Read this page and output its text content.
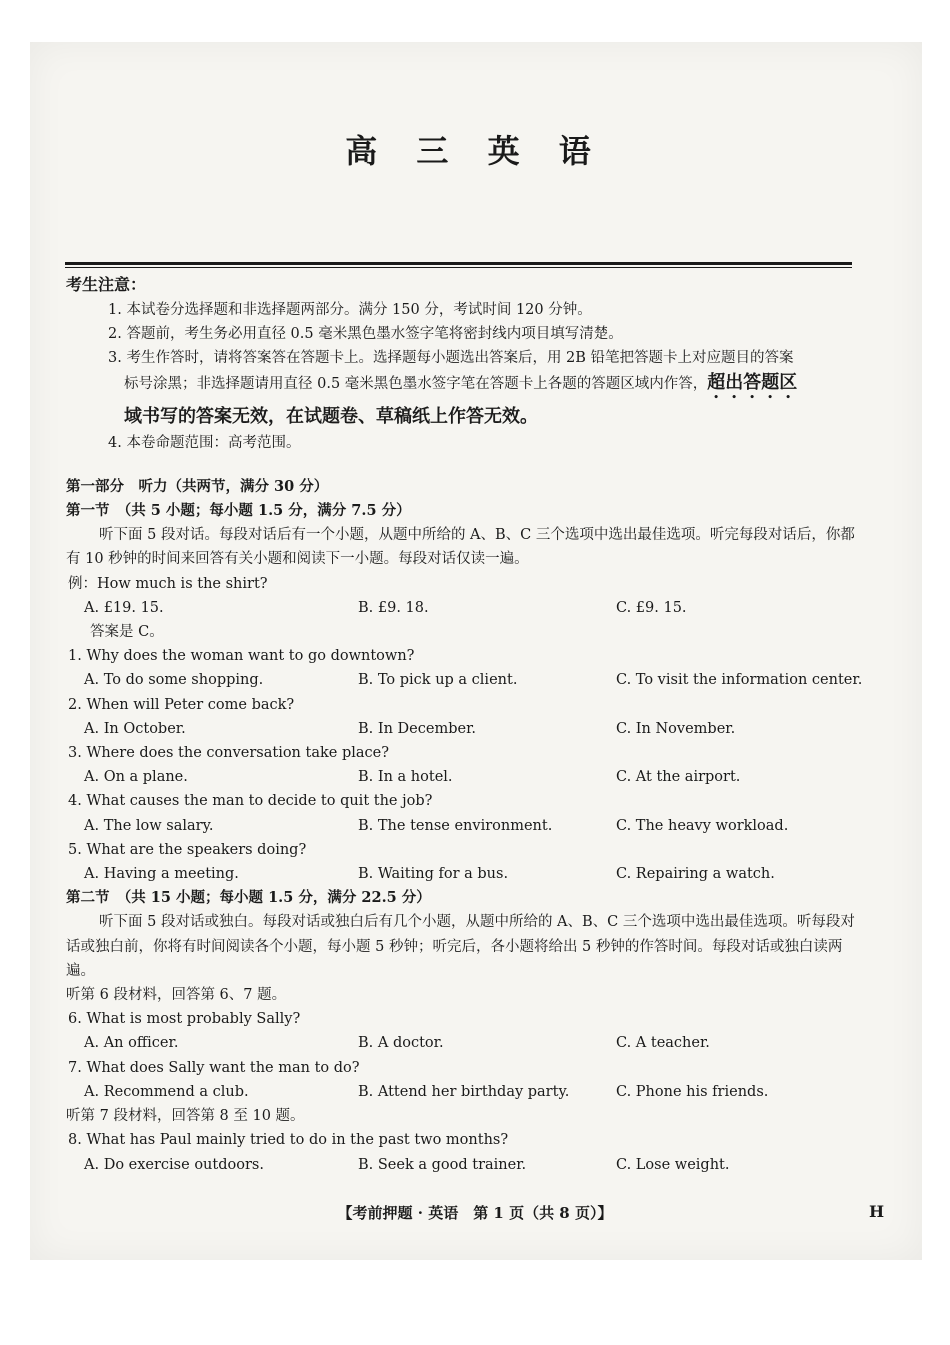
高 三 英 语
考生注意：
1. 本试卷分选择题和非选择题两部分。满分 150 分，考试时间 120 分钟。
2. 答题前，考生务必用直径 0.5 毫米黑色墨水签字笔将密封线内项目填写清楚。
3. 考生作答时，请将答案答在答题卡上。选择题每小题选出答案后，用 2B 铅笔把答题卡上对应题目的答案
标号涂黑；非选择题请用直径 0.5 毫米黑色墨水签字笔在答题卡上各题的答题区域内作答，超出答题区
域书写的答案无效，在试题卷、草稿纸上作答无效。
4. 本卷命题范围：高考范围。
第一部分　听力（共两节，满分 30 分）
第一节　（共 5 小题；每小题 1.5 分，满分 7.5 分）
听下面 5 段对话。每段对话后有一个小题，从题中所给的 A、B、C 三个选项中选出最佳选项。听完每段对话后，你都有 10 秒钟的时间来回答有关小题和阅读下一小题。每段对话仅读一遍。
例：How much is the shirt?
A. £19. 15.	B. £9. 18.	C. £9. 15.
答案是 C。
1. Why does the woman want to go downtown?
A. To do some shopping.	B. To pick up a client.	C. To visit the information center.
2. When will Peter come back?
A. In October.	B. In December.	C. In November.
3. Where does the conversation take place?
A. On a plane.	B. In a hotel.	C. At the airport.
4. What causes the man to decide to quit the job?
A. The low salary.	B. The tense environment.	C. The heavy workload.
5. What are the speakers doing?
A. Having a meeting.	B. Waiting for a bus.	C. Repairing a watch.
第二节　（共 15 小题；每小题 1.5 分，满分 22.5 分）
听下面 5 段对话或独白。每段对话或独白后有几个小题，从题中所给的 A、B、C 三个选项中选出最佳选项。听每段对话或独白前，你将有时间阅读各个小题，每小题 5 秒钟；听完后，各小题将给出 5 秒钟的作答时间。每段对话或独白读两遍。
听第 6 段材料，回答第 6、7 题。
6. What is most probably Sally?
A. An officer.	B. A doctor.	C. A teacher.
7. What does Sally want the man to do?
A. Recommend a club.	B. Attend her birthday party.	C. Phone his friends.
听第 7 段材料，回答第 8 至 10 题。
8. What has Paul mainly tried to do in the past two months?
A. Do exercise outdoors.	B. Seek a good trainer.	C. Lose weight.
【考前押题 · 英语　第 1 页（共 8 页）】	H
